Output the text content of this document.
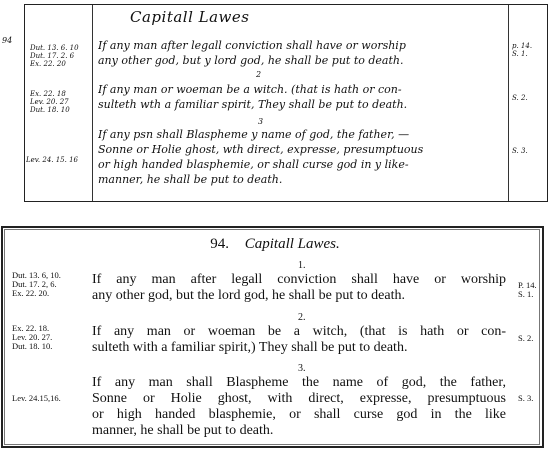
94
Capitall Lawes
Dut. 13. 6. 10
Dut. 17. 2. 6
Ex. 22. 20
If any man after legall conviction shall have or worship
any other god, but y lord god, he shall be put to death.
p. 14.
S. 1.
2
Ex. 22. 18
Lev. 20. 27
Dut. 18. 10
If any man or woeman be a witch. (that is hath or con-
sulteth wth a familiar spirit, They shall be put to death.	S. 2.
3
Lev. 24. 15. 16
If any psn shall Blaspheme y name of god, the father, —
Sonne or Holie ghost, wth direct, expresse, presumptuous
or high handed blasphemie, or shall curse god in y like-
manner, he shall be put to death.
S. 3.
94. Capitall Lawes.
1.
Dut. 13. 6, 10.
Dut. 17. 2, 6.
Ex. 22. 20.
If any man after legall conviction shall have or worship
any other god, but the lord god, he shall be put to death.
P. 14.
S. 1.
2.
Ex. 22. 18.
Lev. 20. 27.
Dut. 18. 10.
If any man or woeman be a witch, (that is hath or con-
sulteth with a familiar spirit,) They shall be put to death.
S. 2.
3.
Lev. 24.15,16.
If any man shall Blaspheme the name of god, the father,
Sonne or Holie ghost, with direct, expresse, presumptuous
or high handed blasphemie, or shall curse god in the like
manner, he shall be put to death.
S. 3.
